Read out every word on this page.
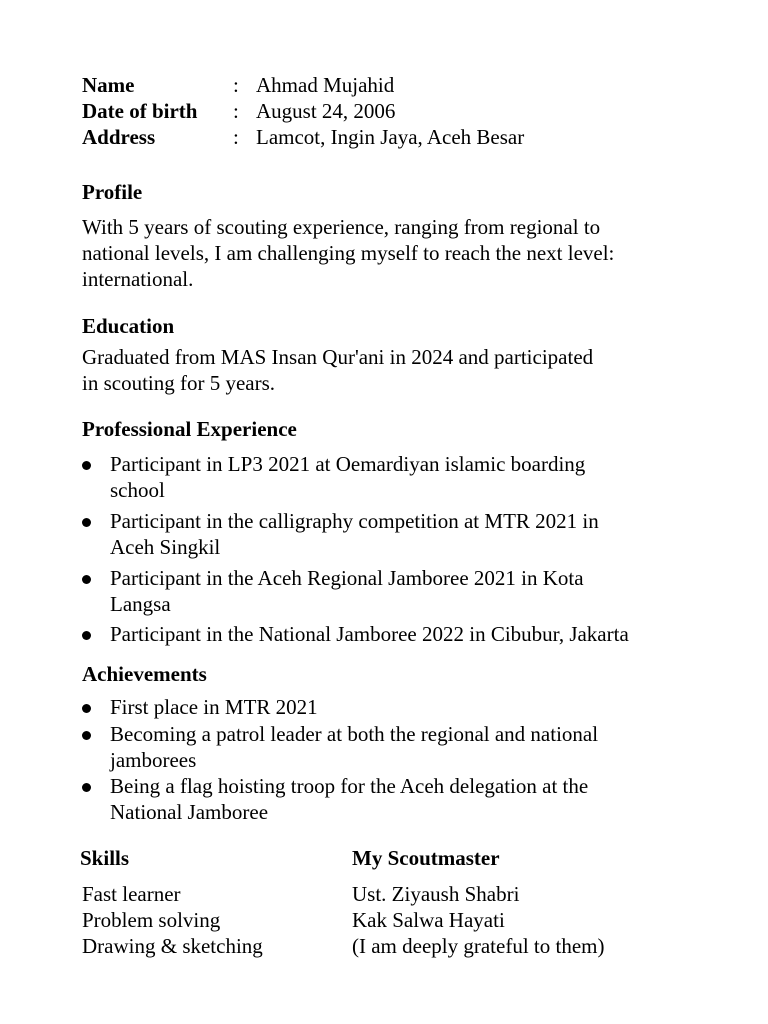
Name	: Ahmad Mujahid
Date of birth : August 24, 2006
Address	: Lamcot, Ingin Jaya, Aceh Besar
Profile
With 5 years of scouting experience, ranging from regional to
national levels, I am challenging myself to reach the next level:
international.
Education
Graduated from MAS Insan Qur'ani in 2024 and participated
in scouting for 5 years.
Professional Experience
Participant in LP3 2021 at Oemardiyan islamic boarding
school
Participant in the calligraphy competition at MTR 2021 in
Aceh Singkil
Participant in the Aceh Regional Jamboree 2021 in Kota
Langsa
Participant in the National Jamboree 2022 in Cibubur, Jakarta
Achievements
First place in MTR 2021
Becoming a patrol leader at both the regional and national
jamborees
Being a flag hoisting troop for the Aceh delegation at the
National Jamboree
Skills
Fast learner
Problem solving
Drawing & sketching
My Scoutmaster
Ust. Ziyaush Shabri
Kak Salwa Hayati
(I am deeply grateful to them)
